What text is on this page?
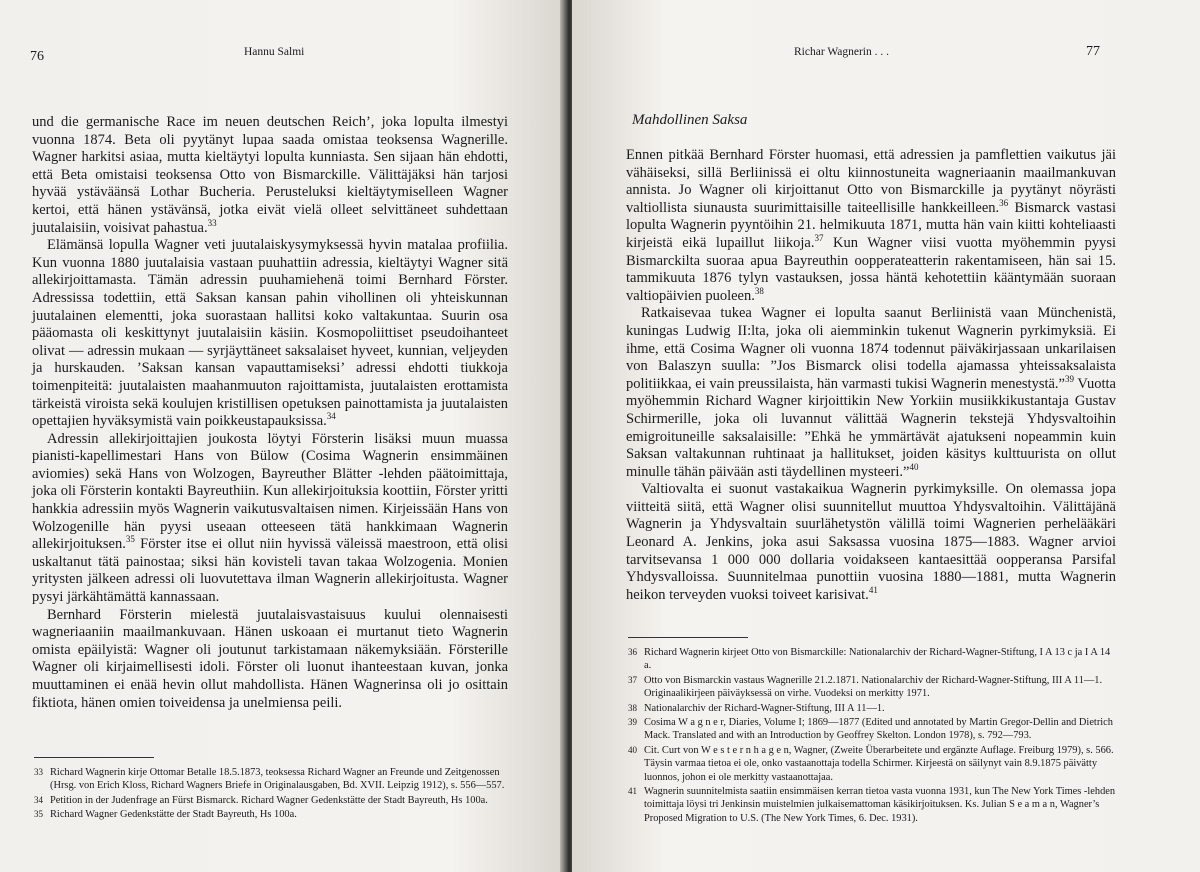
76	Hannu Salmi

und die germanische Race im neuen deutschen Reich’, joka lopulta ilmestyi vuonna 1874. Beta oli pyytänyt lupaa saada omistaa teoksensa Wagnerille. Wagner harkitsi asiaa, mutta kieltäytyi lopulta kunniasta. Sen sijaan hän ehdotti, että Beta omistaisi teoksensa Otto von Bismarckille. Välittäjäksi hän tarjosi hyvää ystäväänsä Lothar Bucheria. Perusteluksi kieltäytymiselleen Wagner kertoi, että hänen ystävänsä, jotka eivät vielä olleet selvittäneet suhdettaan juutalaisiin, voisivat pahastua.$^{33}$

Elämänsä lopulla Wagner veti juutalaiskysymyksessä hyvin matalaa profiilia. Kun vuonna 1880 juutalaisia vastaan puuhattiin adressia, kieltäytyi Wagner sitä allekirjoittamasta. Tämän adressin puuhamiehenä toimi Bernhard Förster. Adressissa todettiin, että Saksan kansan pahin vihollinen oli yhteiskunnan juutalainen elementti, joka suorastaan hallitsi koko valtakuntaa. Suurin osa pääomasta oli keskittynyt juutalaisiin käsiin. Kosmopoliittiset pseudoihanteet olivat — adressin mukaan — syrjäyttäneet saksalaiset hyveet, kunnian, veljeyden ja hurskauden. ’Saksan kansan vapauttamiseksi’ adressi ehdotti tiukkoja toimenpiteitä: juutalaisten maahanmuuton rajoittamista, juutalaisten erottamista tärkeistä viroista sekä koulujen kristillisen opetuksen painottamista ja juutalaisten opettajien hyväksymistä vain poikkeustapauksissa.$^{34}$

Adressin allekirjoittajien joukosta löytyi Försterin lisäksi muun muassa pianisti-kapellimestari Hans von Bülow (Cosima Wagnerin ensimmäinen aviomies) sekä Hans von Wolzogen, Bayreuther Blätter -lehden päätoimittaja, joka oli Försterin kontakti Bayreuthiin. Kun allekirjoituksia koottiin, Förster yritti hankkia adressiin myös Wagnerin vaikutusvaltaisen nimen. Kirjeissään Hans von Wolzogenille hän pyysi useaan otteeseen tätä hankkimaan Wagnerin allekirjoituksen.$^{35}$ Förster itse ei ollut niin hyvissä väleissä maestroon, että olisi uskaltanut tätä painostaa; siksi hän kovisteli tavan takaa Wolzogenia. Monien yritysten jälkeen adressi oli luovutettava ilman Wagnerin allekirjoitusta. Wagner pysyi järkähtämättä kannassaan.

Bernhard Försterin mielestä juutalaisvastaisuus kuului olennaisesti wagneriaaniin maailmankuvaan. Hänen uskoaan ei murtanut tieto Wagnerin omista epäilyistä: Wagner oli joutunut tarkistamaan näkemyksiään. Försterille Wagner oli kirjaimellisesti idoli. Förster oli luonut ihanteestaan kuvan, jonka muuttaminen ei enää hevin ollut mahdollista. Hänen Wagnerinsa oli jo osittain fiktiota, hänen omien toiveidensa ja unelmiensa peili.

33 Richard Wagnerin kirje Ottomar Betalle 18.5.1873, teoksessa Richard Wagner an Freunde und Zeitgenossen (Hrsg. von Erich Kloss, Richard Wagners Briefe in Originalausgaben, Bd. XVII. Leipzig 1912), s. 556—557.
34 Petition in der Judenfrage an Fürst Bismarck. Richard Wagner Gedenkstätte der Stadt Bayreuth, Hs 100a.
35 Richard Wagner Gedenkstätte der Stadt Bayreuth, Hs 100a.
Richar Wagnerin . . .	77
Mahdollinen Saksa

Ennen pitkää Bernhard Förster huomasi, että adressien ja pamflettien vaikutus jäi vähäiseksi, sillä Berliinissä ei oltu kiinnostuneita wagneriaanin maailmankuvan annista. Jo Wagner oli kirjoittanut Otto von Bismarckille ja pyytänyt nöyrästi valtiollista siunausta suurimittaisille taiteellisille hankkeilleen.$^{36}$ Bismarck vastasi lopulta Wagnerin pyyntöihin 21. helmikuuta 1871, mutta hän vain kiitti kohteliaasti kirjeistä eikä lupaillut liikoja.$^{37}$ Kun Wagner viisi vuotta myöhemmin pyysi Bismarckilta suoraa apua Bayreuthin oopperateatterin rakentamiseen, hän sai 15. tammikuuta 1876 tylyn vastauksen, jossa häntä kehotettiin kääntymään suoraan valtiopäivien puoleen.$^{38}$

Ratkaisevaa tukea Wagner ei lopulta saanut Berliinistä vaan Münchenistä, kuningas Ludwig II:lta, joka oli aiemminkin tukenut Wagnerin pyrkimyksiä. Ei ihme, että Cosima Wagner oli vuonna 1874 todennut päiväkirjassaan unkarilaisen von Balaszyn suulla: ”Jos Bismarck olisi todella ajamassa yhteissaksalaista politiikkaa, ei vain preussilaista, hän varmasti tukisi Wagnerin menestystä.”$^{39}$ Vuotta myöhemmin Richard Wagner kirjoittikin New Yorkiin musiikkikustantaja Gustav Schirmerille, joka oli luvannut välittää Wagnerin tekstejä Yhdysvaltoihin emigroituneille saksalaisille: ”Ehkä he ymmärtävät ajatukseni nopeammin kuin Saksan valtakunnan ruhtinaat ja hallitukset, joiden käsitys kulttuurista on ollut minulle tähän päivään asti täydellinen mysteeri.”$^{40}$

Valtiovalta ei suonut vastakaikua Wagnerin pyrkimyksille. On olemassa jopa viitteitä siitä, että Wagner olisi suunnitellut muuttoa Yhdysvaltoihin. Välittäjänä Wagnerin ja Yhdysvaltain suurlähetystön välillä toimi Wagnerien perhelääkäri Leonard A. Jenkins, joka asui Saksassa vuosina 1875—1883. Wagner arvioi tarvitsevansa 1 000 000 dollaria voidakseen kantaesittää oopperansa Parsifal Yhdysvalloissa. Suunnitelmaa punottiin vuosina 1880—1881, mutta Wagnerin heikon terveyden vuoksi toiveet karisivat.$^{41}$

36 Richard Wagnerin kirjeet Otto von Bismarckille: Nationalarchiv der Richard-Wagner-Stiftung, I A 13 c ja I A 14 a.
37 Otto von Bismarckin vastaus Wagnerille 21.2.1871. Nationalarchiv der Richard-Wagner-Stiftung, III A 11—1. Originaalikirjeen päiväyksessä on virhe. Vuodeksi on merkitty 1971.
38 Nationalarchiv der Richard-Wagner-Stiftung, III A 11—1.
39 Cosima W a g n e r, Diaries, Volume I; 1869—1877 (Edited und annotated by Martin Gregor-Dellin and Dietrich Mack. Translated and with an Introduction by Geoffrey Skelton. London 1978), s. 792—793.
40 Cit. Curt von W e s t e r n h a g e n, Wagner, (Zweite Überarbeitete und ergänzte Auflage. Freiburg 1979), s. 566. Täysin varmaa tietoa ei ole, onko vastaanottaja todella Schirmer. Kirjeestä on säilynyt vain 8.9.1875 päivätty luonnos, johon ei ole merkitty vastaanottajaa.
41 Wagnerin suunnitelmista saatiin ensimmäisen kerran tietoa vasta vuonna 1931, kun The New York Times -lehden toimittaja löysi tri Jenkinsin muistelmien julkaisemattoman käsikirjoituksen. Ks. Julian S e a m a n, Wagner’s Proposed Migration to U.S. (The New York Times, 6. Dec. 1931).
